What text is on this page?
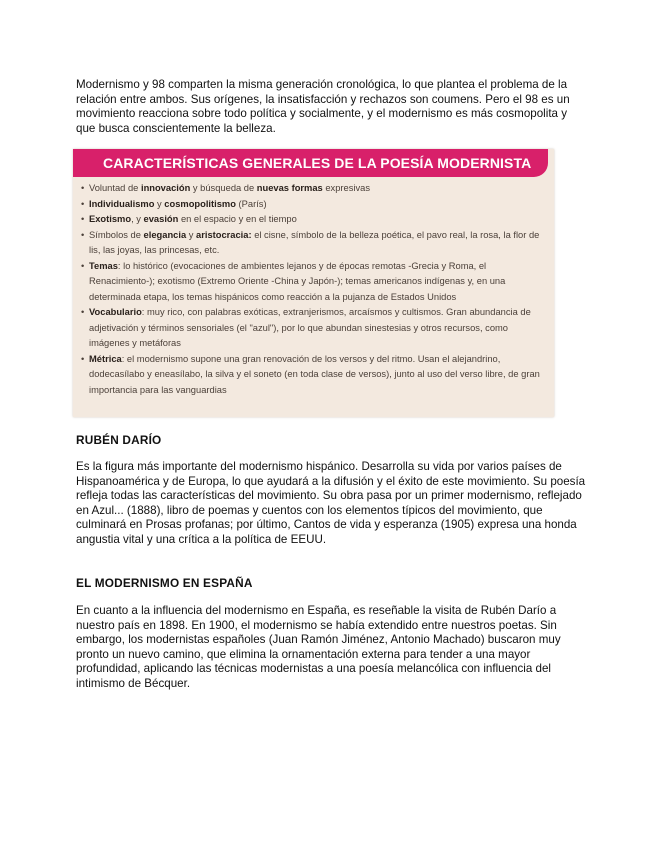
Modernismo y 98 comparten la misma generación cronológica, lo que plantea el problema de la relación entre ambos. Sus orígenes, la insatisfacción y rechazos son coumens. Pero el 98 es un movimiento reacciona sobre todo política y socialmente, y el modernismo es más cosmopolita y que busca conscientemente la belleza.

CARACTERÍSTICAS GENERALES DE LA POESÍA MODERNISTA
• Voluntad de innovación y búsqueda de nuevas formas expresivas
• Individualismo y cosmopolitismo (París)
• Exotismo, y evasión en el espacio y en el tiempo
• Símbolos de elegancia y aristocracia: el cisne, símbolo de la belleza poética, el pavo real, la rosa, la flor de lis, las joyas, las princesas, etc.
• Temas: lo histórico (evocaciones de ambientes lejanos y de épocas remotas -Grecia y Roma, el Renacimiento-); exotismo (Extremo Oriente -China y Japón-); temas americanos indígenas y, en una determinada etapa, los temas hispánicos como reacción a la pujanza de Estados Unidos
• Vocabulario: muy rico, con palabras exóticas, extranjerismos, arcaísmos y cultismos. Gran abundancia de adjetivación y términos sensoriales (el "azul"), por lo que abundan sinestesias y otros recursos, como imágenes y metáforas
• Métrica: el modernismo supone una gran renovación de los versos y del ritmo. Usan el alejandrino, dodecasílabo y eneasílabo, la silva y el soneto (en toda clase de versos), junto al uso del verso libre, de gran importancia para las vanguardias
RUBÉN DARÍO

Es la figura más importante del modernismo hispánico. Desarrolla su vida por varios países de Hispanoamérica y de Europa, lo que ayudará a la difusión y el éxito de este movimiento. Su poesía refleja todas las características del movimiento. Su obra pasa por un primer modernismo, reflejado en Azul... (1888), libro de poemas y cuentos con los elementos típicos del movimiento, que culminará en Prosas profanas; por último, Cantos de vida y esperanza (1905) expresa una honda angustia vital y una crítica a la política de EEUU.

EL MODERNISMO EN ESPAÑA

En cuanto a la influencia del modernismo en España, es reseñable la visita de Rubén Darío a nuestro país en 1898. En 1900, el modernismo se había extendido entre nuestros poetas. Sin embargo, los modernistas españoles (Juan Ramón Jiménez, Antonio Machado) buscaron muy pronto un nuevo camino, que elimina la ornamentación externa para tender a una mayor profundidad, aplicando las técnicas modernistas a una poesía melancólica con influencia del intimismo de Bécquer.
